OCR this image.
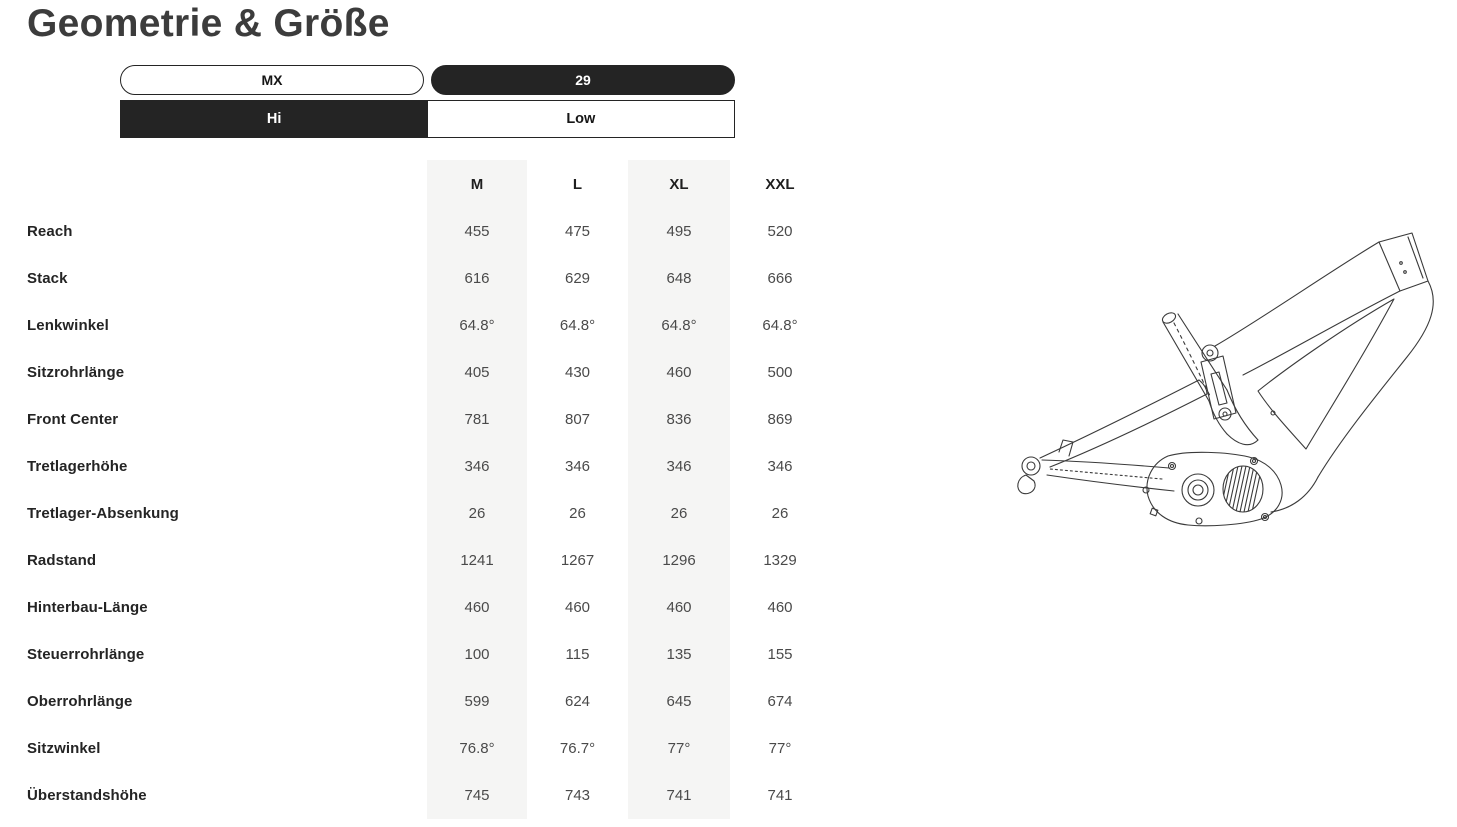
Geometrie & Größe
MX	29
Hi	Low
M	L	XL	XXL
Reach	455	475	495	520
Stack	616	629	648	666
Lenkwinkel	64.8°	64.8°	64.8°	64.8°
Sitzrohrlänge	405	430	460	500
Front Center	781	807	836	869
Tretlagerhöhe	346	346	346	346
Tretlager-Absenkung	26	26	26	26
Radstand	1241	1267	1296	1329
Hinterbau-Länge	460	460	460	460
Steuerrohrlänge	100	115	135	155
Oberrohrlänge	599	624	645	674
Sitzwinkel	76.8°	76.7°	77°	77°
Überstandshöhe	745	743	741	741
